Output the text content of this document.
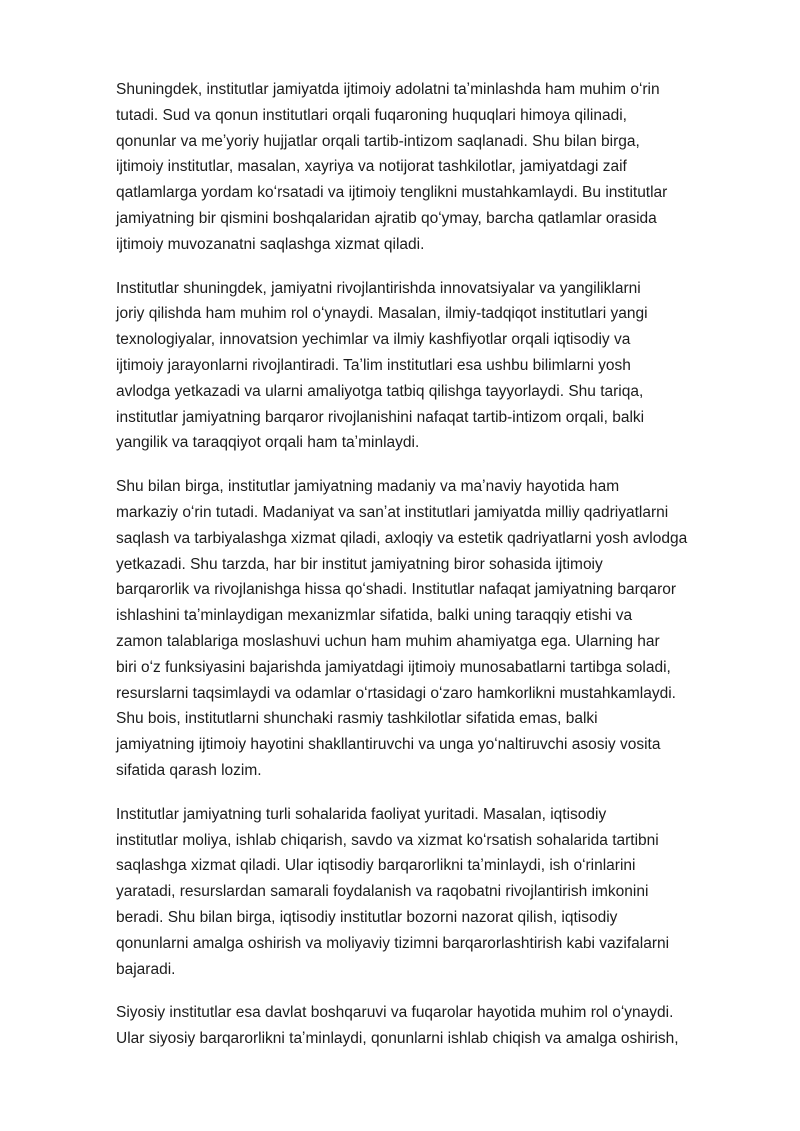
Shuningdek, institutlar jamiyatda ijtimoiy adolatni taʼminlashda ham muhim oʻrin
tutadi. Sud va qonun institutlari orqali fuqaroning huquqlari himoya qilinadi,
qonunlar va meʼyoriy hujjatlar orqali tartib-intizom saqlanadi. Shu bilan birga,
ijtimoiy institutlar, masalan, xayriya va notijorat tashkilotlar, jamiyatdagi zaif
qatlamlarga yordam koʻrsatadi va ijtimoiy tenglikni mustahkamlaydi. Bu institutlar
jamiyatning bir qismini boshqalaridan ajratib qoʻymay, barcha qatlamlar orasida
ijtimoiy muvozanatni saqlashga xizmat qiladi.

Institutlar shuningdek, jamiyatni rivojlantirishda innovatsiyalar va yangiliklarni
joriy qilishda ham muhim rol oʻynaydi. Masalan, ilmiy-tadqiqot institutlari yangi
texnologiyalar, innovatsion yechimlar va ilmiy kashfiyotlar orqali iqtisodiy va
ijtimoiy jarayonlarni rivojlantiradi. Taʼlim institutlari esa ushbu bilimlarni yosh
avlodga yetkazadi va ularni amaliyotga tatbiq qilishga tayyorlaydi. Shu tariqa,
institutlar jamiyatning barqaror rivojlanishini nafaqat tartib-intizom orqali, balki
yangilik va taraqqiyot orqali ham taʼminlaydi.

Shu bilan birga, institutlar jamiyatning madaniy va maʼnaviy hayotida ham
markaziy oʻrin tutadi. Madaniyat va sanʼat institutlari jamiyatda milliy qadriyatlarni
saqlash va tarbiyalashga xizmat qiladi, axloqiy va estetik qadriyatlarni yosh avlodga
yetkazadi. Shu tarzda, har bir institut jamiyatning biror sohasida ijtimoiy
barqarorlik va rivojlanishga hissa qoʻshadi. Institutlar nafaqat jamiyatning barqaror
ishlashini taʼminlaydigan mexanizmlar sifatida, balki uning taraqqiy etishi va
zamon talablariga moslashuvi uchun ham muhim ahamiyatga ega. Ularning har
biri oʻz funksiyasini bajarishda jamiyatdagi ijtimoiy munosabatlarni tartibga soladi,
resurslarni taqsimlaydi va odamlar oʻrtasidagi oʻzaro hamkorlikni mustahkamlaydi.
Shu bois, institutlarni shunchaki rasmiy tashkilotlar sifatida emas, balki
jamiyatning ijtimoiy hayotini shakllantiruvchi va unga yoʻnaltiruvchi asosiy vosita
sifatida qarash lozim.

Institutlar jamiyatning turli sohalarida faoliyat yuritadi. Masalan, iqtisodiy
institutlar moliya, ishlab chiqarish, savdo va xizmat koʻrsatish sohalarida tartibni
saqlashga xizmat qiladi. Ular iqtisodiy barqarorlikni taʼminlaydi, ish oʻrinlarini
yaratadi, resurslardan samarali foydalanish va raqobatni rivojlantirish imkonini
beradi. Shu bilan birga, iqtisodiy institutlar bozorni nazorat qilish, iqtisodiy
qonunlarni amalga oshirish va moliyaviy tizimni barqarorlashtirish kabi vazifalarni
bajaradi.

Siyosiy institutlar esa davlat boshqaruvi va fuqarolar hayotida muhim rol oʻynaydi.
Ular siyosiy barqarorlikni taʼminlaydi, qonunlarni ishlab chiqish va amalga oshirish,
